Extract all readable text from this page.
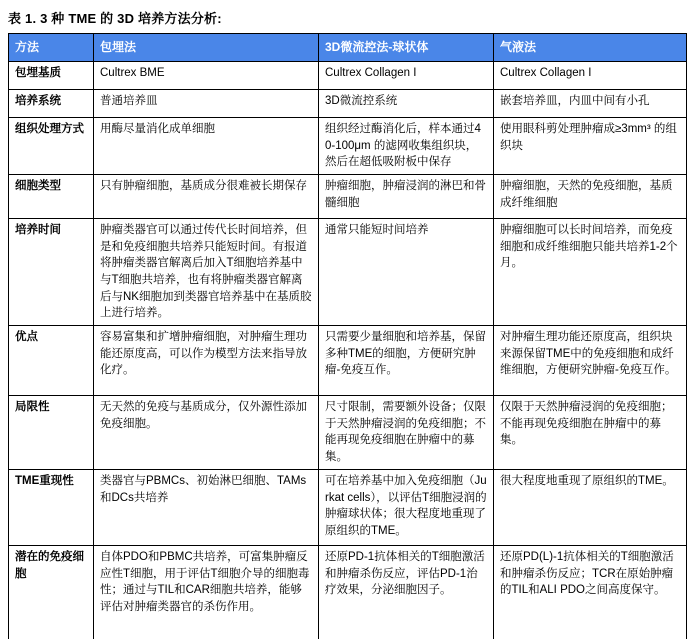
表 1. 3 种 TME 的 3D 培养方法分析:
方法	包埋法	3D微流控法-球状体	气液法
包埋基质	Cultrex BME	Cultrex Collagen I	Cultrex Collagen I
培养系统	普通培养皿	3D微流控系统	嵌套培养皿，内皿中间有小孔
组织处理方式	用酶尽量消化成单细胞	组织经过酶消化后，样本通过40-100μm 的滤网收集组织块，然后在超低吸附板中保存	使用眼科剪处理肿瘤成≥3mm³ 的组织块
细胞类型	只有肿瘤细胞，基质成分很难被长期保存	肿瘤细胞，肿瘤浸润的淋巴和骨髓细胞	肿瘤细胞，天然的免疫细胞，基质成纤维细胞
培养时间	肿瘤类器官可以通过传代长时间培养，但是和免疫细胞共培养只能短时间。有报道将肿瘤类器官解离后加入T细胞培养基中与T细胞共培养，也有将肿瘤类器官解离后与NK细胞加到类器官培养基中在基质胶上进行培养。	通常只能短时间培养	肿瘤细胞可以长时间培养，而免疫细胞和成纤维细胞只能共培养1-2个月。
优点	容易富集和扩增肿瘤细胞，对肿瘤生理功能还原度高，可以作为模型方法来指导放化疗。	只需要少量细胞和培养基，保留多种TME的细胞，方便研究肿瘤-免疫互作。	对肿瘤生理功能还原度高，组织块来源保留TME中的免疫细胞和成纤维细胞，方便研究肿瘤-免疫互作。
局限性	无天然的免疫与基质成分，仅外源性添加免疫细胞。	尺寸限制，需要额外设备；仅限于天然肿瘤浸润的免疫细胞；不能再现免疫细胞在肿瘤中的募集。	仅限于天然肿瘤浸润的免疫细胞；不能再现免疫细胞在肿瘤中的募集。
TME重现性	类器官与PBMCs、初始淋巴细胞、TAMs和DCs共培养	可在培养基中加入免疫细胞（Jurkat cells），以评估T细胞浸润的肿瘤球状体；很大程度地重现了原组织的TME。	很大程度地重现了原组织的TME。
潜在的免疫细胞	自体PDO和PBMC共培养，可富集肿瘤反应性T细胞，用于评估T细胞介导的细胞毒性；通过与TIL和CAR细胞共培养，能够评估对肿瘤类器官的杀伤作用。	还原PD-1抗体相关的T细胞激活和肿瘤杀伤反应，评估PD-1治疗效果，分泌细胞因子。	还原PD(L)-1抗体相关的T细胞激活和肿瘤杀伤反应；TCR在原始肿瘤的TIL和ALI PDO之间高度保守。
